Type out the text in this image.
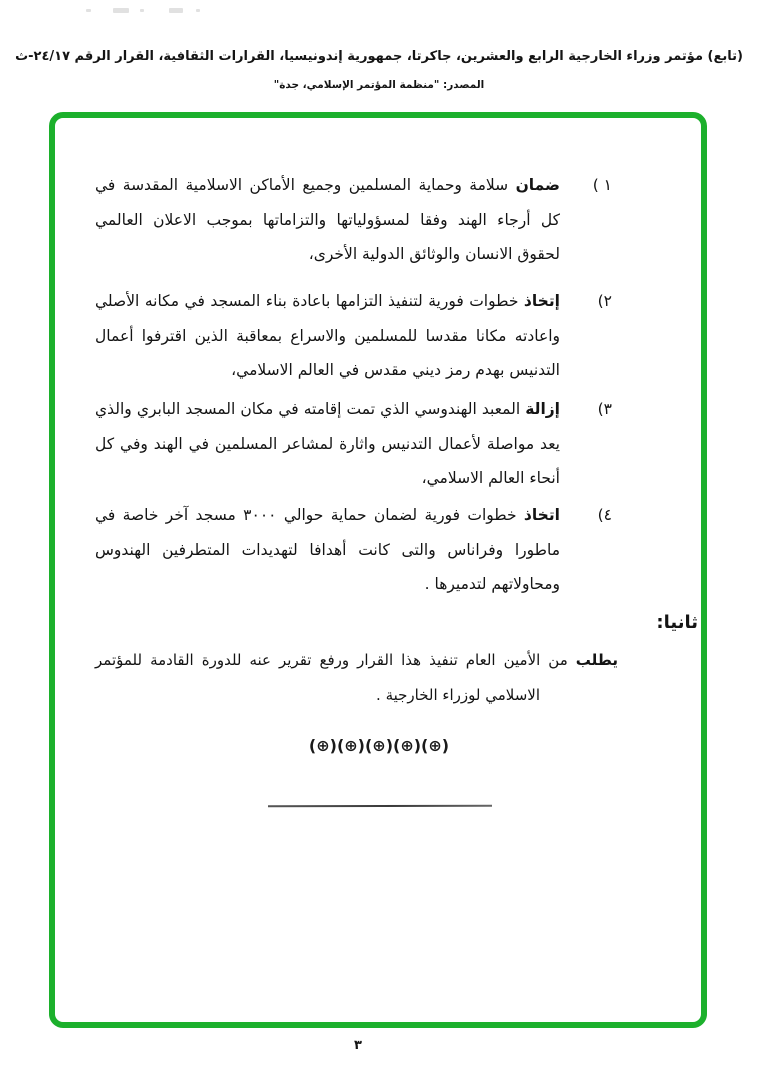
(تابع) مؤتمر وزراء الخارجية الرابع والعشرين، جاكرتا، جمهورية إندونيسيا، القرارات الثقافية، القرار الرقم ٢٤/١٧-ث
المصدر: "منظمة المؤتمر الإسلامي، جدة"
١ )
ضمان سلامة وحماية المسلمين وجميع الأماكن الاسلامية المقدسة في كل أرجاء الهند وفقا لمسؤولياتها والتزاماتها بموجب الاعلان العالمي لحقوق الانسان والوثائق الدولية الأخرى،
٢)
إتخاذ خطوات فورية لتنفيذ التزامها باعادة بناء المسجد في مكانه الأصلي واعادته مكانا مقدسا للمسلمين والاسراع بمعاقبة الذين اقترفوا أعمال التدنيس بهدم رمز ديني مقدس في العالم الاسلامي،
٣)
إزالة المعبد الهندوسي الذي تمت إقامته في مكان المسجد البابري والذي يعد مواصلة لأعمال التدنيس واثارة لمشاعر المسلمين في الهند وفي كل أنحاء العالم الاسلامي،
٤)
اتخاذ خطوات فورية لضمان حماية حوالي ٣٠٠٠ مسجد آخر خاصة في ماطورا وفراناس والتى كانت أهدافا لتهديدات المتطرفين الهندوس ومحاولاتهم لتدميرها .
ثانيا:
يطلب من الأمين العام تنفيذ هذا القرار ورفع تقرير عنه للدورة القادمة للمؤتمر الاسلامي لوزراء الخارجية .
(⊕)(⊕)(⊕)(⊕)(⊕)
٣
